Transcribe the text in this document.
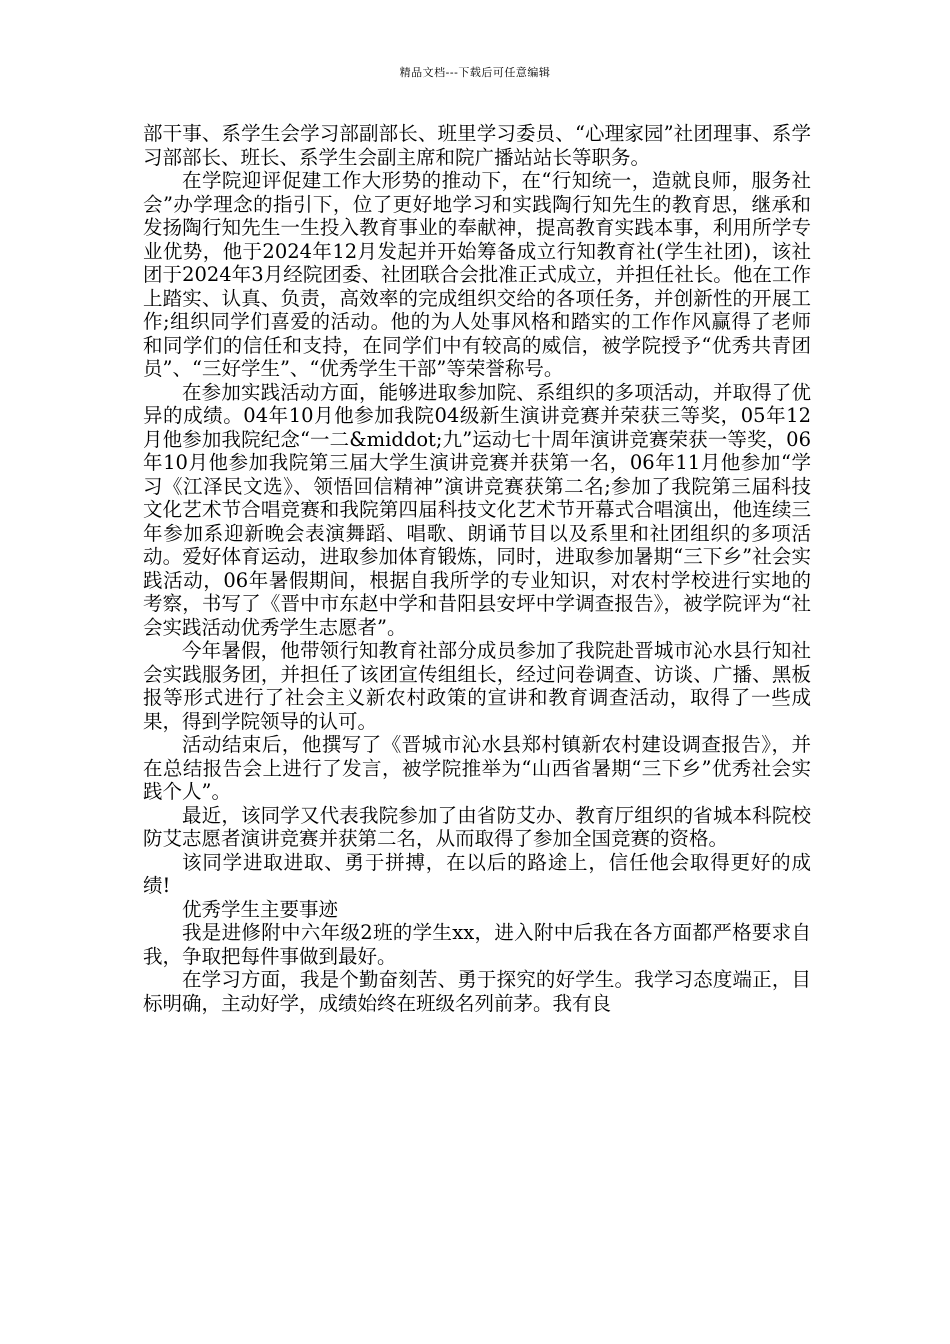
精品文档---下载后可任意编辑

部干事、系学生会学习部副部长、班里学习委员、“心理家园”社团理事、系学习部部长、班长、系学生会副主席和院广播站站长等职务。

在学院迎评促建工作大形势的推动下，在“行知统一，造就良师，服务社会”办学理念的指引下，位了更好地学习和实践陶行知先生的教育思，继承和发扬陶行知先生一生投入教育事业的奉献神，提高教育实践本事，利用所学专业优势，他于2024年12月发起并开始筹备成立行知教育社(学生社团)，该社团于2024年3月经院团委、社团联合会批准正式成立，并担任社长。他在工作上踏实、认真、负责，高效率的完成组织交给的各项任务，并创新性的开展工作;组织同学们喜爱的活动。他的为人处事风格和踏实的工作作风赢得了老师和同学们的信任和支持，在同学们中有较高的威信，被学院授予“优秀共青团员”、“三好学生”、“优秀学生干部”等荣誉称号。

在参加实践活动方面，能够进取参加院、系组织的多项活动，并取得了优异的成绩。04年10月他参加我院04级新生演讲竞赛并荣获三等奖，05年12月他参加我院纪念“一二&middot;九”运动七十周年演讲竞赛荣获一等奖，06年10月他参加我院第三届大学生演讲竞赛并获第一名，06年11月他参加“学习《江泽民文选》、领悟回信精神”演讲竞赛获第二名;参加了我院第三届科技文化艺术节合唱竞赛和我院第四届科技文化艺术节开幕式合唱演出，他连续三年参加系迎新晚会表演舞蹈、唱歌、朗诵节目以及系里和社团组织的多项活动。爱好体育运动，进取参加体育锻炼，同时，进取参加暑期“三下乡”社会实践活动，06年暑假期间，根据自我所学的专业知识，对农村学校进行实地的考察，书写了《晋中市东赵中学和昔阳县安坪中学调查报告》，被学院评为“社会实践活动优秀学生志愿者”。

今年暑假，他带领行知教育社部分成员参加了我院赴晋城市沁水县行知社会实践服务团，并担任了该团宣传组组长，经过问卷调查、访谈、广播、黑板报等形式进行了社会主义新农村政策的宣讲和教育调查活动，取得了一些成果，得到学院领导的认可。

活动结束后，他撰写了《晋城市沁水县郑村镇新农村建设调查报告》，并在总结报告会上进行了发言，被学院推举为“山西省暑期“三下乡”优秀社会实践个人”。

最近，该同学又代表我院参加了由省防艾办、教育厅组织的省城本科院校防艾志愿者演讲竞赛并获第二名，从而取得了参加全国竞赛的资格。

该同学进取进取、勇于拼搏，在以后的路途上，信任他会取得更好的成绩!

优秀学生主要事迹

我是进修附中六年级2班的学生xx，进入附中后我在各方面都严格要求自我，争取把每件事做到最好。

在学习方面，我是个勤奋刻苦、勇于探究的好学生。我学习态度端正，目标明确，主动好学，成绩始终在班级名列前茅。我有良
